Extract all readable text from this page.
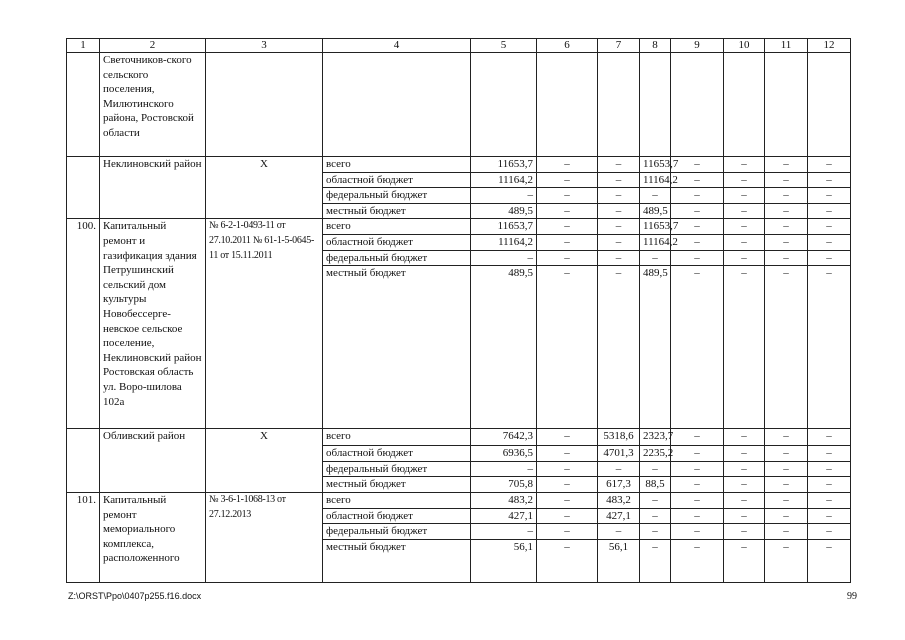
1	2	3	4	5	6	7	8	9	10	11	12
	Светочников-ского сельского поселения, Милютинского района, Ростовской области										
	Неклиновский район	Х	всего	11653,7	–	–	11653,7	–	–	–	–
			областной бюджет	11164,2	–	–	11164,2	–	–	–	–
			федеральный бюджет	–	–	–	–	–	–	–	–
			местный бюджет	489,5	–	–	489,5	–	–	–	–
100.	Капитальный ремонт и газификация здания Петрушинский сельский дом культуры Новобессерге-невское сельское поселение, Неклиновский район Ростовская область ул. Воро-шилова 102а	№ 6-2-1-0493-11 от 27.10.2011 № 61-1-5-0645-11 от 15.11.2011	всего	11653,7	–	–	11653,7	–	–	–	–
			областной бюджет	11164,2	–	–	11164,2	–	–	–	–
			федеральный бюджет	–	–	–	–	–	–	–	–
			местный бюджет	489,5	–	–	489,5	–	–	–	–
	Обливский район	Х	всего	7642,3	–	5318,6	2323,7	–	–	–	–
			областной бюджет	6936,5	–	4701,3	2235,2	–	–	–	–
			федеральный бюджет	–	–	–	–	–	–	–	–
			местный бюджет	705,8	–	617,3	88,5	–	–	–	–
101.	Капитальный ремонт мемориального комплекса, расположенного	№ 3-6-1-1068-13 от 27.12.2013	всего	483,2	–	483,2	–	–	–	–	–
			областной бюджет	427,1	–	427,1	–	–	–	–	–
			федеральный бюджет	–	–	–	–	–	–	–	–
			местный бюджет	56,1	–	56,1	–	–	–	–	–
Z:\ORST\Ppo\0407p255.f16.docx	99
